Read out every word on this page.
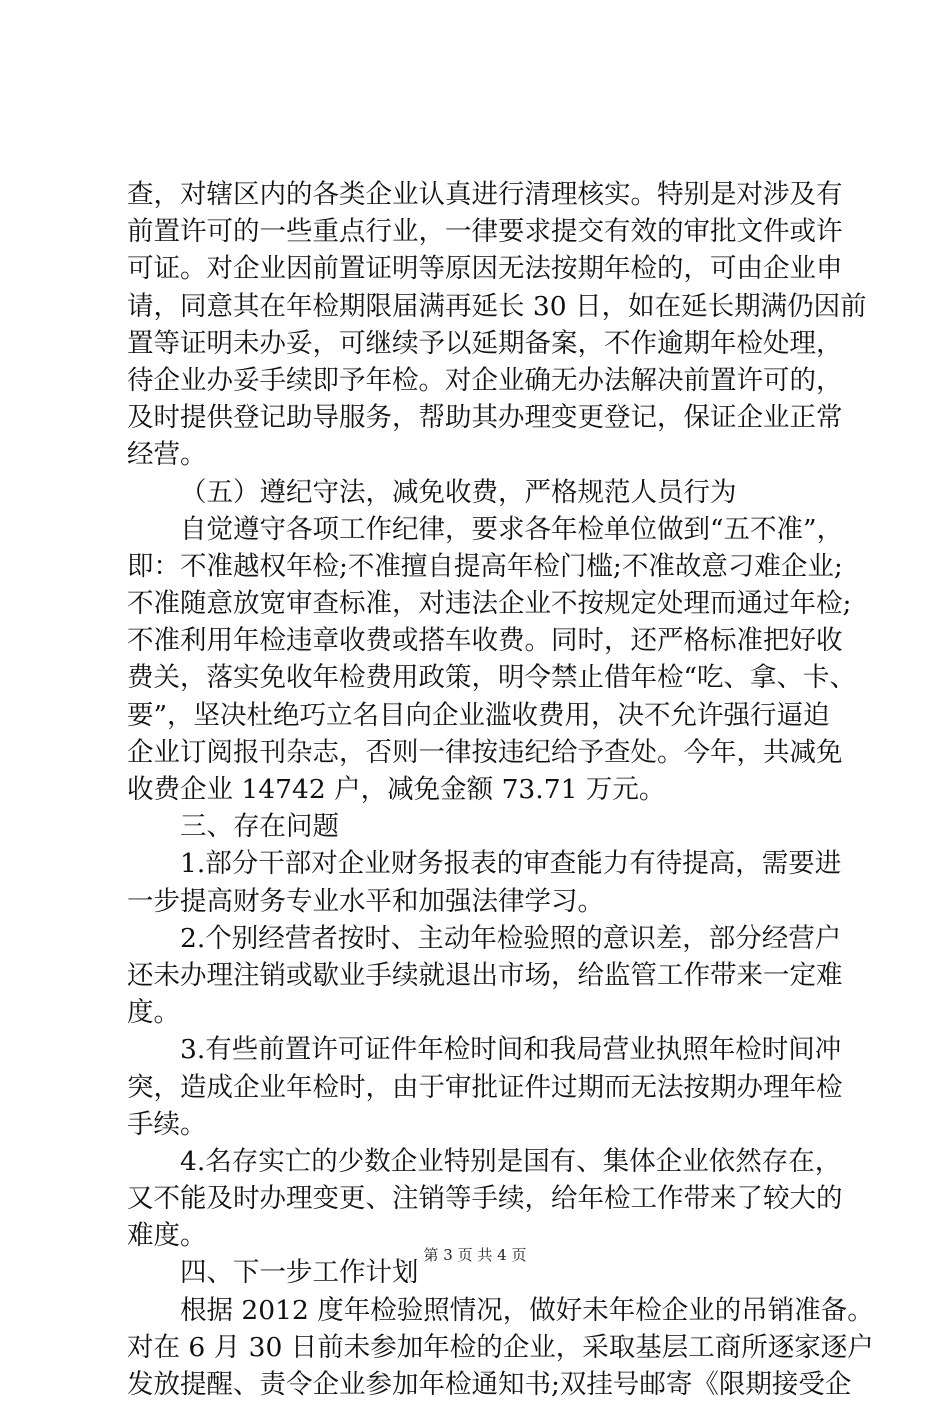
查，对辖区内的各类企业认真进行清理核实。特别是对涉及有
前置许可的一些重点行业，一律要求提交有效的审批文件或许
可证。对企业因前置证明等原因无法按期年检的，可由企业申
请，同意其在年检期限届满再延长 30 日，如在延长期满仍因前
置等证明未办妥，可继续予以延期备案，不作逾期年检处理，
待企业办妥手续即予年检。对企业确无办法解决前置许可的，
及时提供登记助导服务，帮助其办理变更登记，保证企业正常
经营。
（五）遵纪守法，减免收费，严格规范人员行为
自觉遵守各项工作纪律，要求各年检单位做到“五不准”，
即：不准越权年检;不准擅自提高年检门槛;不准故意刁难企业;
不准随意放宽审查标准，对违法企业不按规定处理而通过年检;
不准利用年检违章收费或搭车收费。同时，还严格标准把好收
费关，落实免收年检费用政策，明令禁止借年检“吃、拿、卡、
要”，坚决杜绝巧立名目向企业滥收费用，决不允许强行逼迫
企业订阅报刊杂志，否则一律按违纪给予查处。今年，共减免
收费企业 14742 户，减免金额 73.71 万元。
三、存在问题
1.部分干部对企业财务报表的审查能力有待提高，需要进
一步提高财务专业水平和加强法律学习。
2.个别经营者按时、主动年检验照的意识差，部分经营户
还未办理注销或歇业手续就退出市场，给监管工作带来一定难
度。
3.有些前置许可证件年检时间和我局营业执照年检时间冲
突，造成企业年检时，由于审批证件过期而无法按期办理年检
手续。
4.名存实亡的少数企业特别是国有、集体企业依然存在，
又不能及时办理变更、注销等手续，给年检工作带来了较大的
难度。
四、下一步工作计划
根据 2012 度年检验照情况，做好未年检企业的吊销准备。
对在 6 月 30 日前未参加年检的企业，采取基层工商所逐家逐户
发放提醒、责令企业参加年检通知书;双挂号邮寄《限期接受企
第 3 页 共 4 页
